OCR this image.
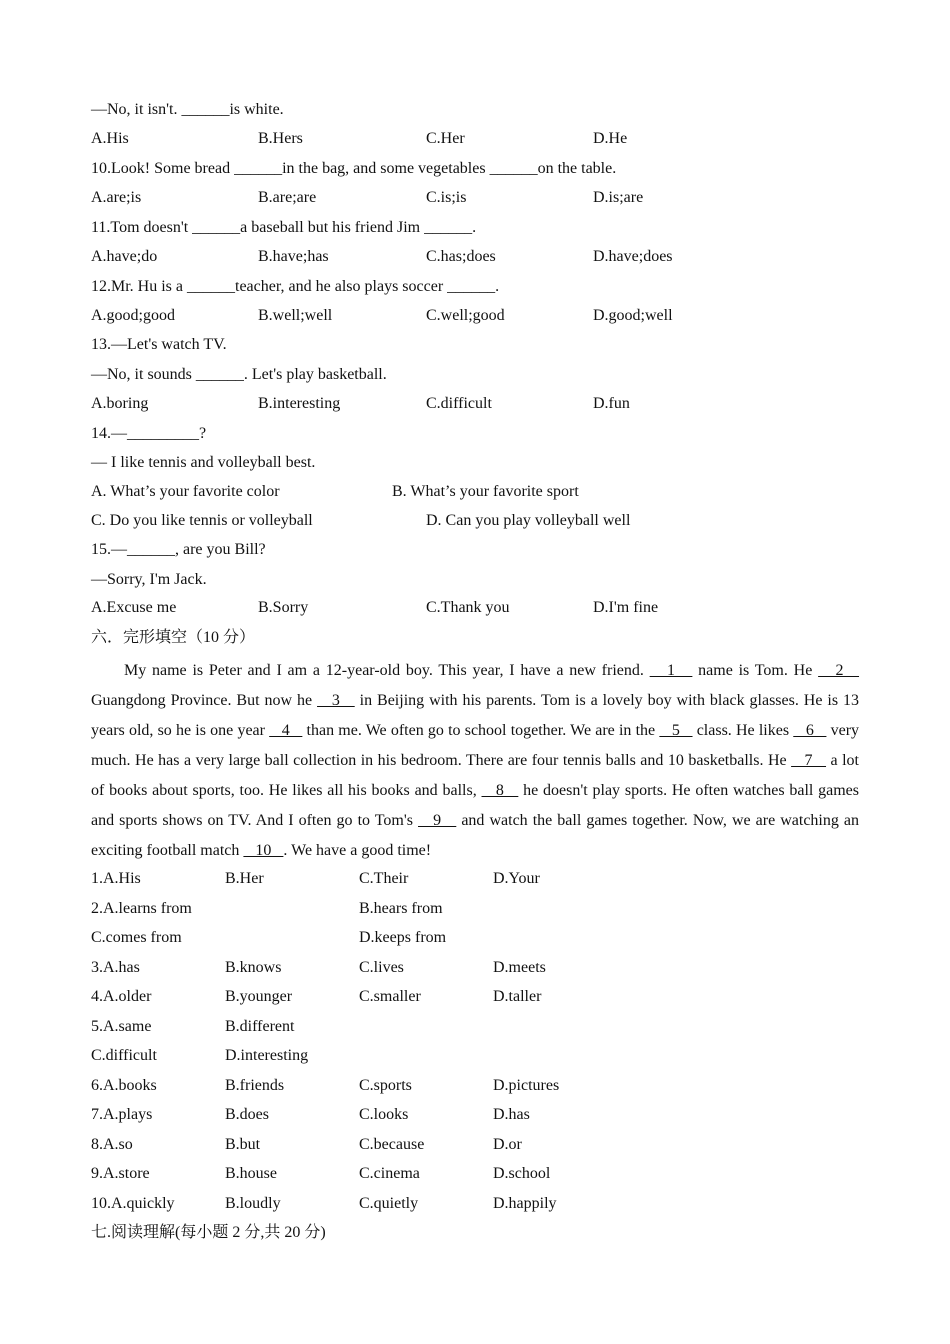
—No, it isn't. ______is white.
A.His	B.Hers	C.Her	D.He
10.Look! Some bread ______in the bag, and some vegetables ______on the table.
A.are;is	B.are;are	C.is;is	D.is;are
11.Tom doesn't ______a baseball but his friend Jim ______.
A.have;do	B.have;has	C.has;does	D.have;does
12.Mr. Hu is a ______teacher, and he also plays soccer ______.
A.good;good	B.well;well	C.well;good	D.good;well
13.—Let's watch TV.
—No, it sounds ______. Let's play basketball.
A.boring	B.interesting	C.difficult	D.fun
14.—_________?
— I like tennis and volleyball best.
A. What’s your favorite color	B. What’s your favorite sport
C. Do you like tennis or volleyball	D. Can you play volleyball well
15.—______, are you Bill?
—Sorry, I'm Jack.
A.Excuse me	B.Sorry	C.Thank you	D.I'm fine
六．完形填空（10 分）
My name is Peter and I am a 12-year-old boy. This year, I have a new friend.    1    name is Tom. He    2    Guangdong Province. But now he    3    in Beijing with his parents. Tom is a lovely boy with black glasses. He is 13 years old, so he is one year    4    than me. We often go to school together. We are in the    5    class. He likes    6    very much. He has a very large ball collection in his bedroom. There are four tennis balls and 10 basketballs. He    7    a lot of books about sports, too. He likes all his books and balls,    8    he doesn't play sports. He often watches ball games and sports shows on TV. And I often go to Tom's    9    and watch the ball games together. Now, we are watching an exciting football match    10   . We have a good time!
1.A.His	B.Her	C.Their	D.Your
2.A.learns from	B.hears from
C.comes from	D.keeps from
3.A.has	B.knows	C.lives	D.meets
4.A.older	B.younger	C.smaller	D.taller
5.A.same	B.different
C.difficult	D.interesting
6.A.books	B.friends	C.sports	D.pictures
7.A.plays	B.does	C.looks	D.has
8.A.so	B.but	C.because	D.or
9.A.store	B.house	C.cinema	D.school
10.A.quickly	B.loudly	C.quietly	D.happily
七.阅读理解(每小题 2 分,共 20 分)
